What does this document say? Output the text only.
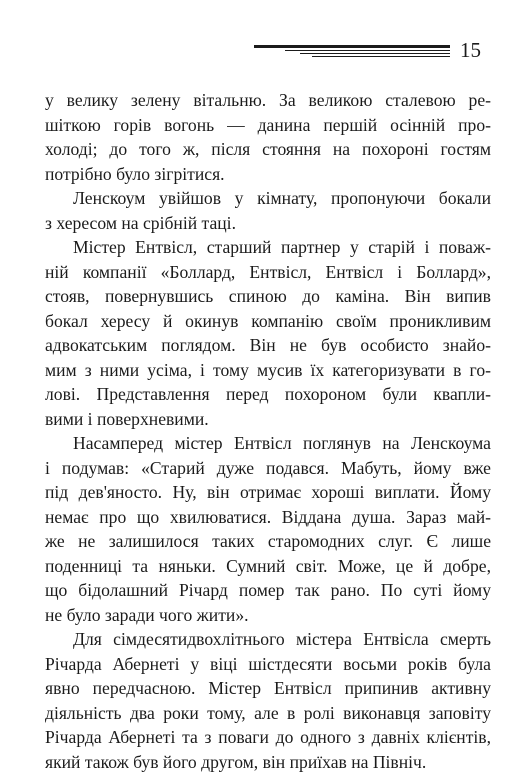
15

у велику зелену вітальню. За великою сталевою ре-
шіткою горів вогонь — данина першій осінній про-
холоді; до того ж, після стояння на похороні гостям
потрібно було зігрітися.

Ленскоум увійшов у кімнату, пропонуючи бокали
з хересом на срібній таці.

Містер Ентвісл, старший партнер у старій і поваж-
ній компанії «Боллард, Ентвісл, Ентвісл і Боллард»,
стояв, повернувшись спиною до каміна. Він випив
бокал хересу й окинув компанію своїм проникливим
адвокатським поглядом. Він не був особисто знайо-
мим з ними усіма, і тому мусив їх категоризувати в го-
лові. Представлення перед похороном були квапли-
вими і поверхневими.

Насамперед містер Ентвісл поглянув на Ленскоума
і подумав: «Старий дуже подався. Мабуть, йому вже
під дев'яносто. Ну, він отримає хороші виплати. Йому
немає про що хвилюватися. Віддана душа. Зараз май-
же не залишилося таких старомодних слуг. Є лише
поденниці та няньки. Сумний світ. Може, це й добре,
що бідолашний Річард помер так рано. По суті йому
не було заради чого жити».

Для сімдесятидвохлітнього містера Ентвісла смерть
Річарда Абернеті у віці шістдесяти восьми років була
явно передчасною. Містер Ентвісл припинив активну
діяльність два роки тому, але в ролі виконавця заповіту
Річарда Абернеті та з поваги до одного з давніх клієнтів,
який також був його другом, він приїхав на Північ.
